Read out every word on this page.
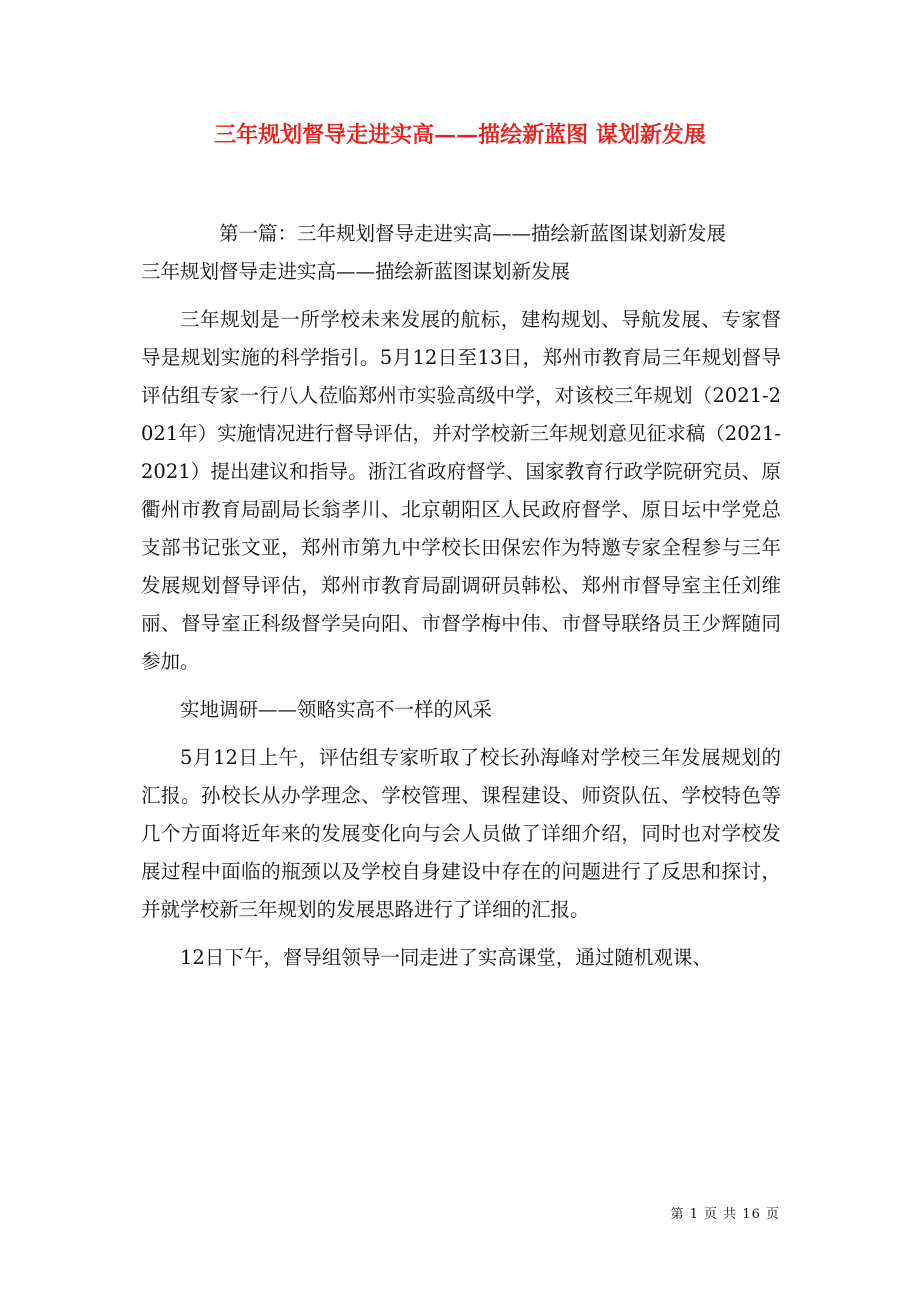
三年规划督导走进实高——描绘新蓝图 谋划新发展

第一篇：三年规划督导走进实高——描绘新蓝图谋划新发展

三年规划督导走进实高——描绘新蓝图谋划新发展

三年规划是一所学校未来发展的航标，建构规划、导航发展、专家督导是规划实施的科学指引。5月12日至13日，郑州市教育局三年规划督导评估组专家一行八人莅临郑州市实验高级中学，对该校三年规划（2021-2021年）实施情况进行督导评估，并对学校新三年规划意见征求稿（2021-2021）提出建议和指导。浙江省政府督学、国家教育行政学院研究员、原衢州市教育局副局长翁孝川、北京朝阳区人民政府督学、原日坛中学党总支部书记张文亚，郑州市第九中学校长田保宏作为特邀专家全程参与三年发展规划督导评估，郑州市教育局副调研员韩松、郑州市督导室主任刘维丽、督导室正科级督学吴向阳、市督学梅中伟、市督导联络员王少辉随同参加。

实地调研——领略实高不一样的风采

5月12日上午，评估组专家听取了校长孙海峰对学校三年发展规划的汇报。孙校长从办学理念、学校管理、课程建设、师资队伍、学校特色等几个方面将近年来的发展变化向与会人员做了详细介绍，同时也对学校发展过程中面临的瓶颈以及学校自身建设中存在的问题进行了反思和探讨，并就学校新三年规划的发展思路进行了详细的汇报。

12日下午，督导组领导一同走进了实高课堂，通过随机观课、

第 1 页 共 16 页
